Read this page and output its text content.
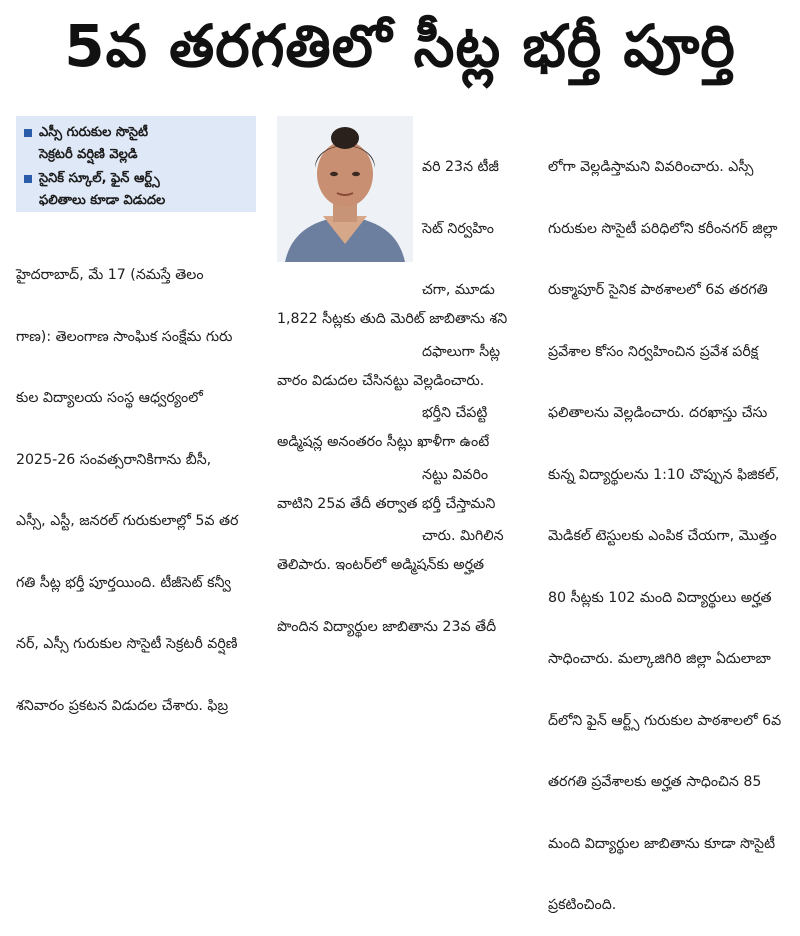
5వ తరగతిలో సీట్ల భర్తీ పూర్తి
ఎస్సీ గురుకుల సొసైటీ
సెక్రటరీ వర్షిణి వెల్లడి
సైనిక్ స్కూల్, ఫైన్ ఆర్ట్స్
ఫలితాలు కూడా విడుదల

హైదరాబాద్, మే 17 (నమస్తే తెలం

గాణ): తెలంగాణ సాంఘిక సంక్షేమ గురు

కుల విద్యాలయ సంస్థ ఆధ్వర్యంలో

2025-26 సంవత్సరానికిగాను బీసీ,

ఎస్సీ, ఎస్టీ, జనరల్ గురుకులాల్లో 5వ తర

గతి సీట్ల భర్తీ పూర్తయింది. టీజీసెట్ కన్వీ

నర్, ఎస్సీ గురుకుల సొసైటీ సెక్రటరీ వర్షిణి

శనివారం ప్రకటన విడుదల చేశారు. ఫిబ్ర

వరి 23న టీజీ

సెట్ నిర్వహిం

చగా, మూడు

దఫాలుగా సీట్ల

భర్తీని చేపట్టి

నట్టు వివరిం

చారు. మిగిలిన

1,822 సీట్లకు తుది మెరిట్ జాబితాను శని

వారం విడుదల చేసినట్టు వెల్లడించారు.

అడ్మిషన్ల అనంతరం సీట్లు ఖాళీగా ఉంటే

వాటిని 25వ తేదీ తర్వాత భర్తీ చేస్తామని

తెలిపారు. ఇంటర్‌లో అడ్మిషన్‌కు అర్హత

పొందిన విద్యార్థుల జాబితాను 23వ తేదీ

లోగా వెల్లడిస్తామని వివరించారు. ఎస్సీ

గురుకుల సొసైటీ పరిధిలోని కరీంనగర్ జిల్లా

రుక్మాపూర్ సైనిక పాఠశాలలో 6వ తరగతి

ప్రవేశాల కోసం నిర్వహించిన ప్రవేశ పరీక్ష

ఫలితాలను వెల్లడించారు. దరఖాస్తు చేసు

కున్న విద్యార్థులను 1:10 చొప్పున ఫిజికల్,

మెడికల్ టెస్టులకు ఎంపిక చేయగా, మొత్తం

80 సీట్లకు 102 మంది విద్యార్థులు అర్హత

సాధించారు. మల్కాజిగిరి జిల్లా ఏదులాబా

ద్‌లోని ఫైన్ ఆర్ట్స్ గురుకుల పాఠశాలలో 6వ

తరగతి ప్రవేశాలకు అర్హత సాధించిన 85

మంది విద్యార్థుల జాబితాను కూడా సొసైటీ

ప్రకటించింది.
